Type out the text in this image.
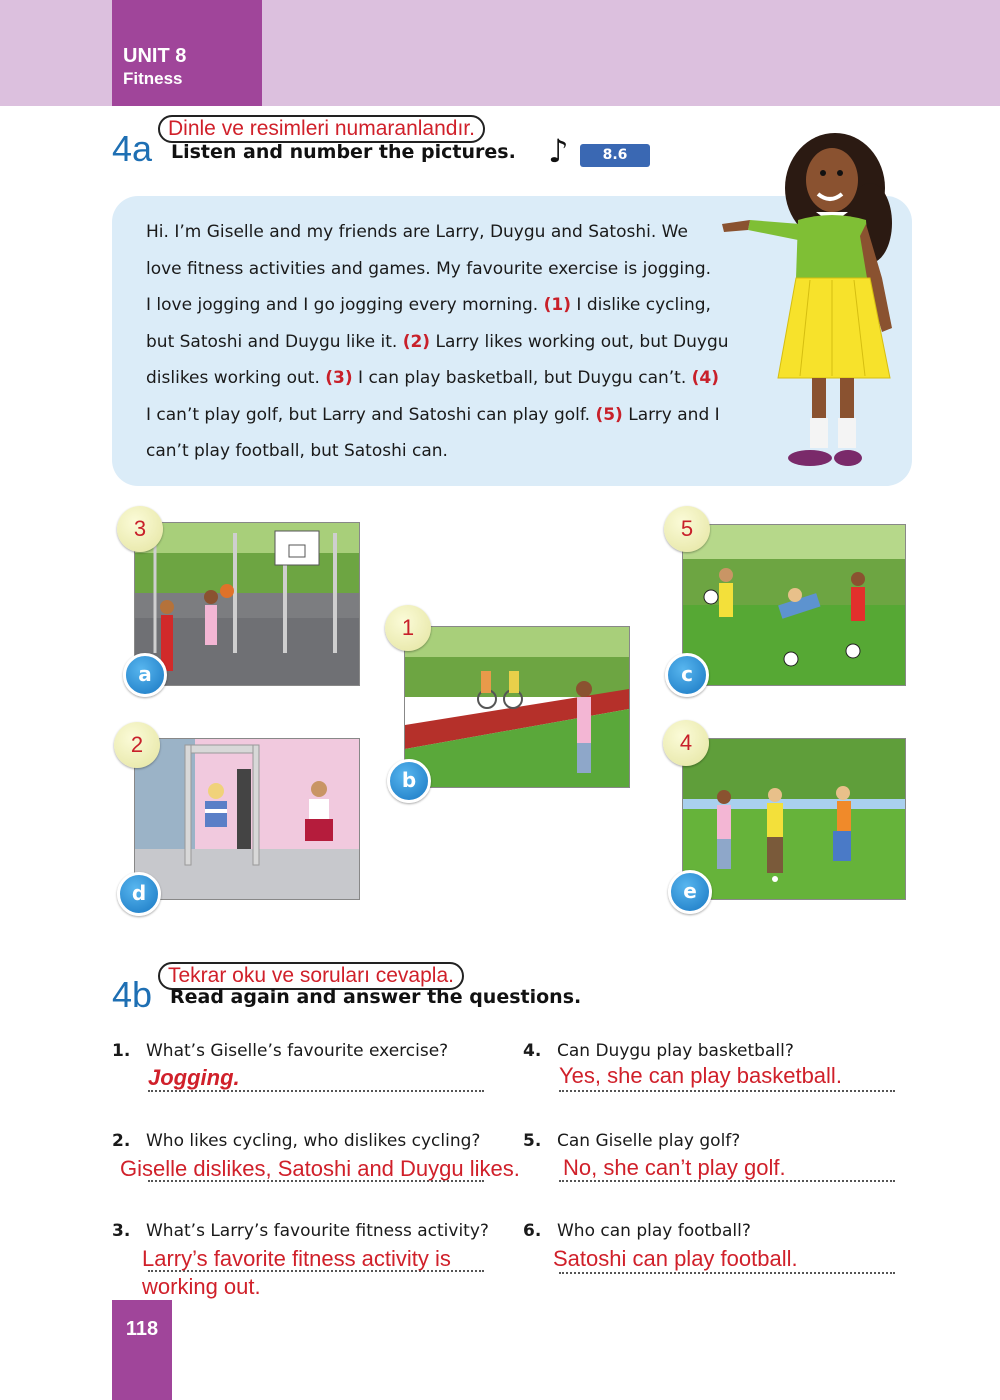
UNIT 8
Fitness
Dinle ve resimleri numaranlandır.
4a Listen and number the pictures. ♪	8.6
Hi. I’m Giselle and my friends are Larry, Duygu and Satoshi. We
love fitness activities and games. My favourite exercise is jogging.
I love jogging and I go jogging every morning. (1) I dislike cycling,
but Satoshi and Duygu like it. (2) Larry likes working out, but Duygu
dislikes working out. (3) I can play basketball, but Duygu can’t. (4)
I can’t play golf, but Larry and Satoshi can play golf. (5) Larry and I
can’t play football, but Satoshi can.
3
a
1
b
5
c
2
d
4
e
Tekrar oku ve soruları cevapla.
4b Read again and answer the questions.
1. What’s Giselle’s favourite exercise?
Jogging.
2. Who likes cycling, who dislikes cycling?
Giselle dislikes, Satoshi and Duygu likes.
3. What’s Larry’s favourite fitness activity?
Larry’s favorite fitness activity is
working out.
4. Can Duygu play basketball?
Yes, she can play basketball.
5. Can Giselle play golf?
No, she can’t play golf.
6. Who can play football?
Satoshi can play football.
118
